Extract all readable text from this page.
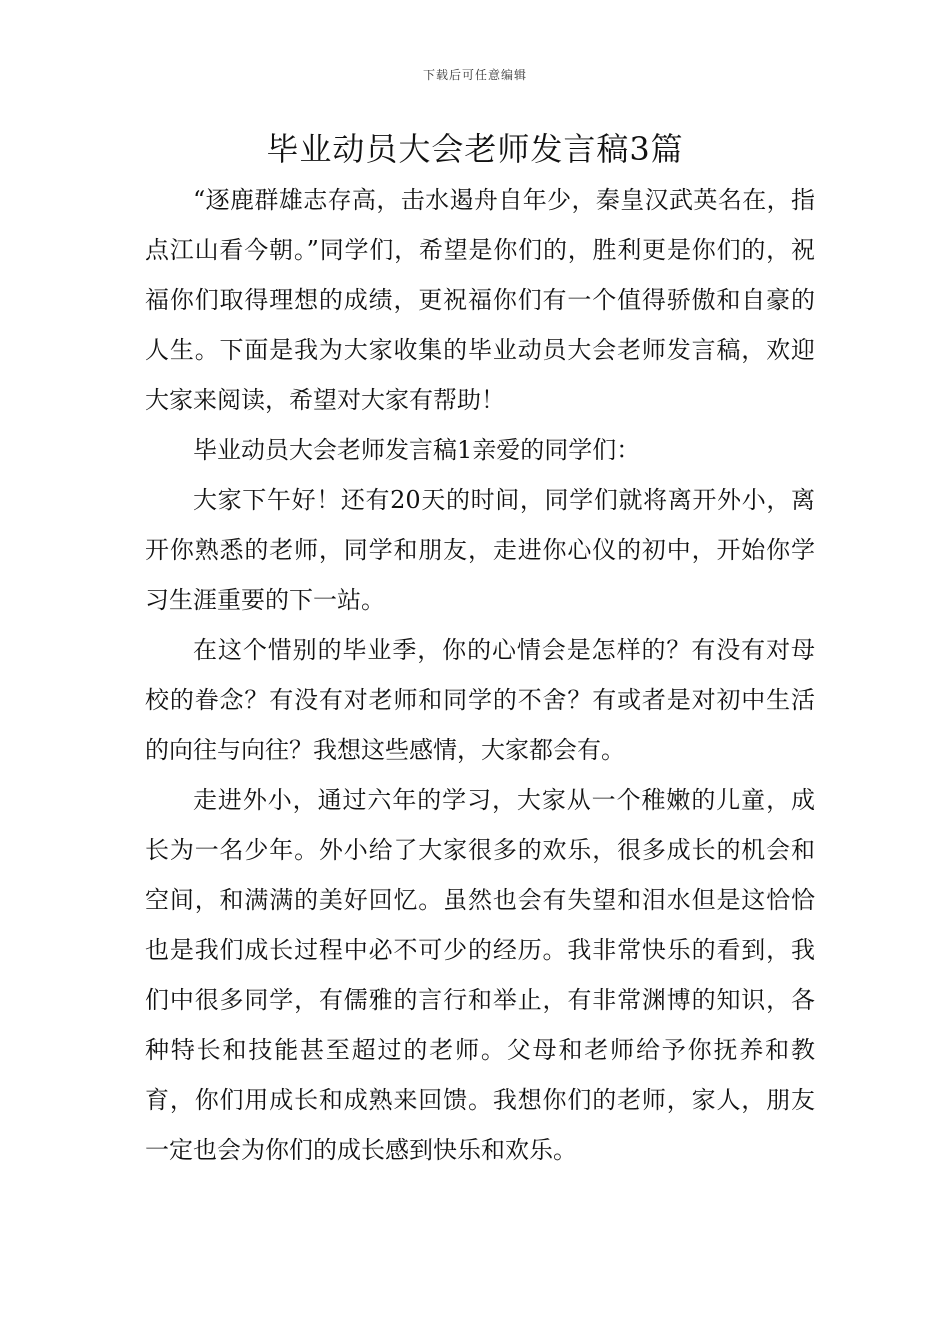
下载后可任意编辑
毕业动员大会老师发言稿3篇

“逐鹿群雄志存高，击水遏舟自年少，秦皇汉武英名在，指点江山看今朝。”同学们，希望是你们的，胜利更是你们的，祝福你们取得理想的成绩，更祝福你们有一个值得骄傲和自豪的人生。下面是我为大家收集的毕业动员大会老师发言稿，欢迎大家来阅读，希望对大家有帮助！

毕业动员大会老师发言稿1亲爱的同学们：

大家下午好！还有20天的时间，同学们就将离开外小，离开你熟悉的老师，同学和朋友，走进你心仪的初中，开始你学习生涯重要的下一站。

在这个惜别的毕业季，你的心情会是怎样的？有没有对母校的眷念？有没有对老师和同学的不舍？有或者是对初中生活的向往与向往？我想这些感情，大家都会有。

走进外小，通过六年的学习，大家从一个稚嫩的儿童，成长为一名少年。外小给了大家很多的欢乐，很多成长的机会和空间，和满满的美好回忆。虽然也会有失望和泪水但是这恰恰也是我们成长过程中必不可少的经历。我非常快乐的看到，我们中很多同学，有儒雅的言行和举止，有非常渊博的知识，各种特长和技能甚至超过的老师。父母和老师给予你抚养和教育，你们用成长和成熟来回馈。我想你们的老师，家人，朋友一定也会为你们的成长感到快乐和欢乐。
